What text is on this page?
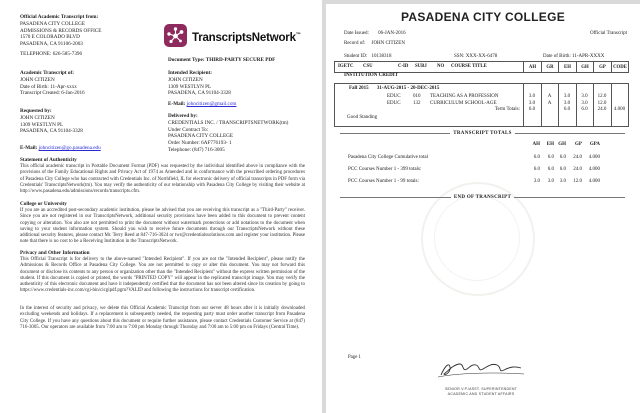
Official Academic Transcript from:
PASADENA CITY COLLEGE
ADMISSIONS & RECORDS OFFICE
1570 E COLORADO BLVD
PASADENA, CA 91106-2003
TELEPHONE: 626-585-7396
TranscriptsNetwork™
Document Type: THIRD-PARTY SECURE PDF
Academic Transcript of:
JOHN CITIZEN
Date of Birth: 11-Apr-xxxx
Transcript Created: 6-Jan-2016
Intended Recipient:
JOHN CITIZEN
1309 WESTLYN PL
PASADENA, CA 91104-3328
E-Mail: johncitizen@gmail.com
Requested by:
JOHN CITIZEN
1309 WESTLYN PL
PASADENA, CA 91104-3328
Delivered by:
CREDENTIALS INC. / TRANSCRIPTSNETWORK(tm)
Under Contract To:
PASADENA CITY COLLEGE
Order Number: 6AF776193- 1
Telephone: (847) 716-3005
E-Mail: johncitizen@go.pasadena.edu
Statement of Authenticity
This official academic transcript in Portable Document Format (PDF) was requested by the individual identified above in compliance with the provisions of the Family Educational Rights and Privacy Act of 1974 as Amended and in conformance with the prescribed ordering procedures of Pasadena City College who has contracted with Credentials Inc. of Northfield, IL for electronic delivery of official transcripts in PDF form via Credentials' TranscriptsNetwork(tm). You may verify the authenticity of our relationship with Pasadena City College by visiting their website at http://www.pasadena.edu/admissions/records/transcripts.cfm.
College or University
If you are an accredited post-secondary academic institution, please be advised that you are receiving this transcript as a "Third-Party" receiver. Since you are not registered in our TranscriptsNetwork, additional security provisions have been added to this document to prevent content copying or alteration. You also are not permitted to print the document without watermark protections or add notations to the document when saving to your student information system. Should you wish to receive future documents through our TranscriptsNetwork without these additional security features, please contact Mr. Terry Reed at 847-716-3024 or twr@credentialssolutions.com and register your institution. Please note that there is no cost to be a Receiving Institution in the TranscriptsNetwork.
Privacy and Other Information
This Official Transcript is for delivery to the above-named "Intended Recipient". If you are not the "Intended Recipient", please notify the Admissions & Records Office at Pasadena City College. You are not permitted to copy or alter this document. You may not forward this document or disclose its contents to any person or organization other than the "Intended Recipient" without the express written permission of the student. If this document is copied or printed, the words "PRINTED COPY" will appear in the replicated transcript image. You may verify the authenticity of this electronic document and have it independently certified that the document has not been altered since its creation by going to https://www.credentials-inc.com/cgi-bin/cicgipdf.pgm?VALID and following the instructions for transcript certification.
In the interest of security and privacy, we delete this Official Academic Transcript from our server 48 hours after it is initially downloaded excluding weekends and holidays. If a replacement is subsequently needed, the requesting party must order another transcript from Pasadena City College. If you have any questions about this document or require further assistance, please contact Credentials Customer Service at (847) 716-3005. Our operators are available from 7:00 am to 7:00 pm Monday through Thursday and 7:00 am to 5:00 pm on Fridays (Central Time).
PASADENA CITY COLLEGE
Date Issued: 06-JAN-2016	Official Transcript
Record of: JOHN CITIZEN
Student ID: 10138318	SSN: XXX-XX-6478	Date of Birth: 11-APR-XXXX
IGETC CSU	C-ID SUBJ NO COURSE TITLE	AH	GR	EH	GH	GP	CODE
INSTITUTION CREDIT
Fall 2015 31-AUG-2015 - 20-DEC-2015
EDUC	010	TEACHING AS A PROFESSION	3.0	A	3.0	3.0	12.0
EDUC	132	CURRICULUM SCHOOL-AGE	3.0	A	3.0	3.0	12.0
Term Totals:	6.0	6.0	6.0	24.0	4.000
Good Standing
TRANSCRIPT TOTALS
AH	EH GH	GP	GPA
Pasadena City College Cumulative total	6.0	6.0	6.0	24.0	4.000
PCC Courses Number 1 - 399 totals:	6.0	6.0	6.0	24.0	4.000
PCC Courses Number 1 - 99 totals:	3.0	3.0	3.0	12.0	4.000
END OF TRANSCRIPT
Page 1
SENIOR V.P./ASST. SUPERINTENDENT
ACADEMIC AND STUDENT AFFAIRS
